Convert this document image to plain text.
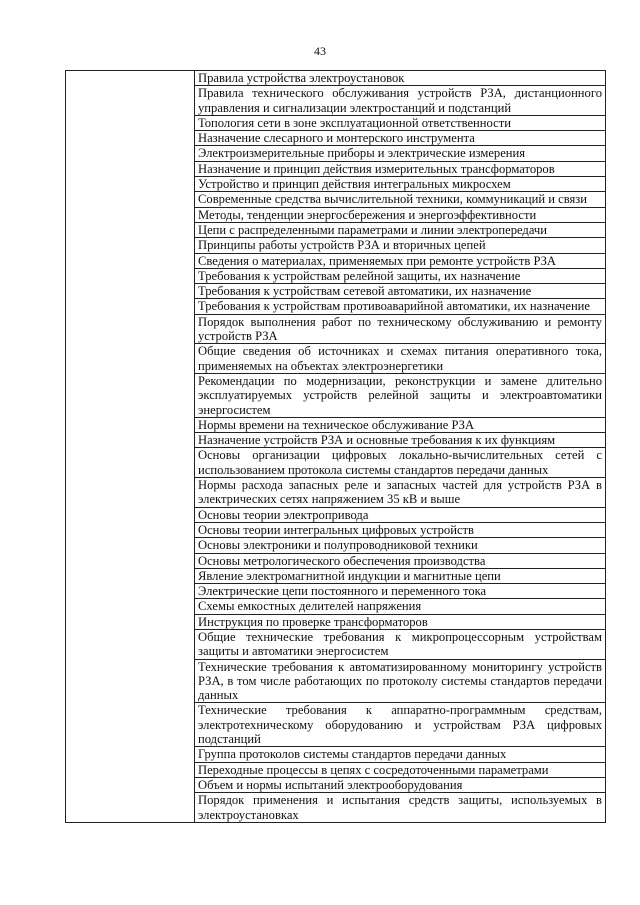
43
	Правила устройства электроустановок
Правила технического обслуживания устройств РЗА, дистанционного управления и сигнализации электростанций и подстанций
Топология сети в зоне эксплуатационной ответственности
Назначение слесарного и монтерского инструмента
Электроизмерительные приборы и электрические измерения
Назначение и принцип действия измерительных трансформаторов
Устройство и принцип действия интегральных микросхем
Современные средства вычислительной техники, коммуникаций и связи
Методы, тенденции энергосбережения и энергоэффективности
Цепи с распределенными параметрами и линии электропередачи
Принципы работы устройств РЗА и вторичных цепей
Сведения о материалах, применяемых при ремонте устройств РЗА
Требования к устройствам релейной защиты, их назначение
Требования к устройствам сетевой автоматики, их назначение
Требования к устройствам противоаварийной автоматики, их назначение
Порядок выполнения работ по техническому обслуживанию и ремонту устройств РЗА
Общие сведения об источниках и схемах питания оперативного тока, применяемых на объектах электроэнергетики
Рекомендации по модернизации, реконструкции и замене длительно эксплуатируемых устройств релейной защиты и электроавтоматики энергосистем
Нормы времени на техническое обслуживание РЗА
Назначение устройств РЗА и основные требования к их функциям
Основы организации цифровых локально-вычислительных сетей с использованием протокола системы стандартов передачи данных
Нормы расхода запасных реле и запасных частей для устройств РЗА в электрических сетях напряжением 35 кВ и выше
Основы теории электропривода
Основы теории интегральных цифровых устройств
Основы электроники и полупроводниковой техники
Основы метрологического обеспечения производства
Явление электромагнитной индукции и магнитные цепи
Электрические цепи постоянного и переменного тока
Схемы емкостных делителей напряжения
Инструкция по проверке трансформаторов
Общие технические требования к микропроцессорным устройствам защиты и автоматики энергосистем
Технические требования к автоматизированному мониторингу устройств РЗА, в том числе работающих по протоколу системы стандартов передачи данных
Технические требования к аппаратно-программным средствам, электротехническому оборудованию и устройствам РЗА цифровых подстанций
Группа протоколов системы стандартов передачи данных
Переходные процессы в цепях с сосредоточенными параметрами
Объем и нормы испытаний электрооборудования
Порядок применения и испытания средств защиты, используемых в электроустановках
